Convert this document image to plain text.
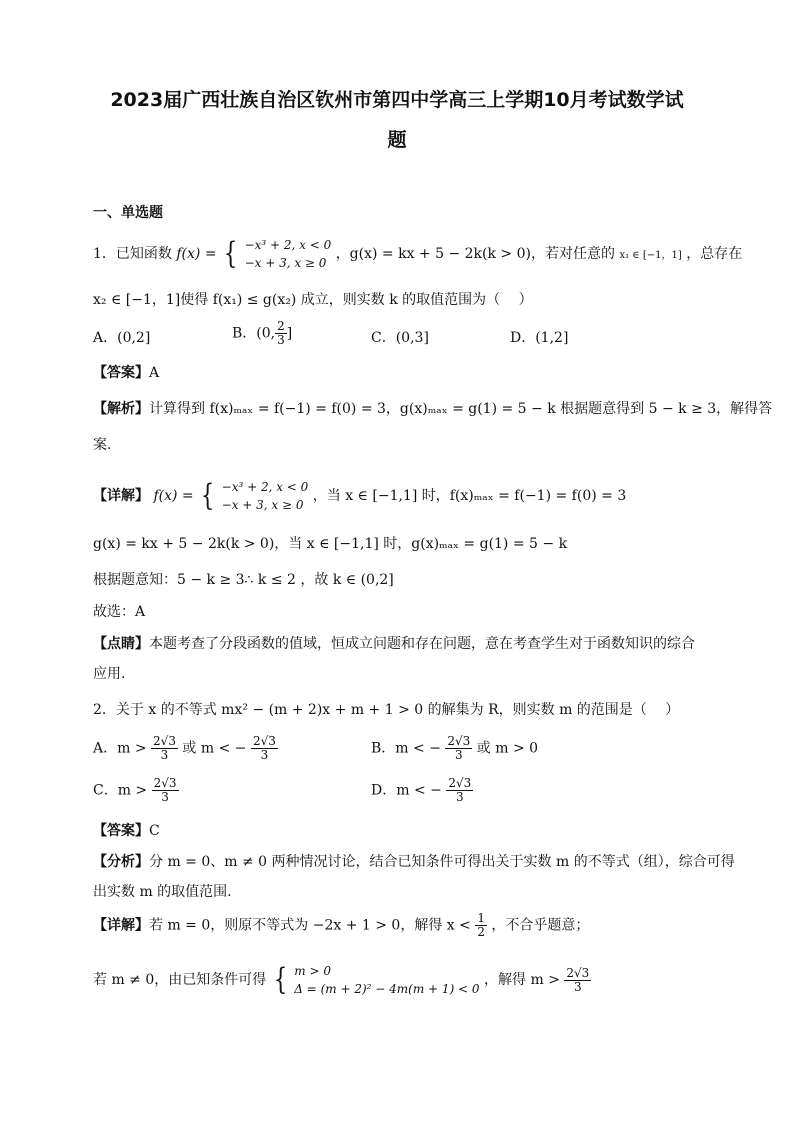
2023届广西壮族自治区钦州市第四中学高三上学期10月考试数学试
题
一、单选题
1．已知函数 f(x) = { −x³ + 2, x < 0
−x + 3, x ≥ 0
，g(x) = kx + 5 − 2k(k > 0)，若对任意的 x₁ ∈ [−1，1] ，总存在
x₂ ∈ [−1，1]使得 f(x₁) ≤ g(x₂) 成立，则实数 k 的取值范围为（　 ）
A．(0,2]	B．(0, $\frac{2}{3}$ ]	C．(0,3]	D．(1,2]
【答案】A
【解析】计算得到 f(x)ₘₐₓ = f(−1) = f(0) = 3，g(x)ₘₐₓ = g(1) = 5 − k 根据题意得到 5 − k ≥ 3，解得答
案.
【详解】 f(x) = { −x³ + 2, x < 0
−x + 3, x ≥ 0
，当 x ∈ [−1,1] 时，f(x)ₘₐₓ = f(−1) = f(0) = 3
g(x) = kx + 5 − 2k(k > 0)，当 x ∈ [−1,1] 时，g(x)ₘₐₓ = g(1) = 5 − k
根据题意知：5 − k ≥ 3∴ k ≤ 2 ，故 k ∈ (0,2]
故选：A
【点睛】本题考查了分段函数的值域，恒成立问题和存在问题，意在考查学生对于函数知识的综合
应用.
2．关于 x 的不等式 mx² − (m + 2)x + m + 1 > 0 的解集为 R，则实数 m 的范围是（　 ）
A．$m > \frac{2√3}{3}$ 或 m < − $\frac{2√3}{3}$	B．m < − $\frac{2√3}{3}$ 或 m > 0
C．$m > \frac{2√3}{3}$	D．m < − $\frac{2√3}{3}$
【答案】C
【分析】分 m = 0、m ≠ 0 两种情况讨论，结合已知条件可得出关于实数 m 的不等式（组），综合可得
出实数 m 的取值范围.
【详解】若 m = 0，则原不等式为 −2x + 1 > 0，解得 $x < \frac{1}{2}$ ，不合乎题意；
若 m ≠ 0，由已知条件可得 { m > 0
Δ = (m + 2)² − 4m(m + 1) < 0
，解得 $m > \frac{2√3}{3}$
